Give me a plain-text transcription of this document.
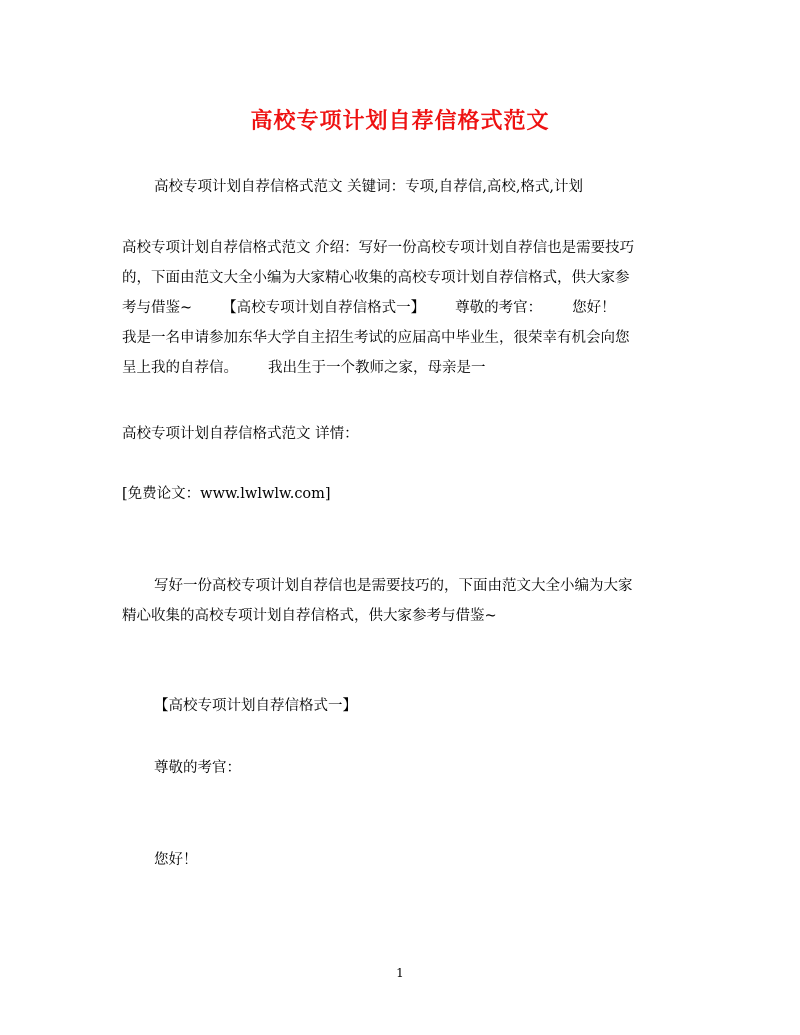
高校专项计划自荐信格式范文
高校专项计划自荐信格式范文 关键词：专项,自荐信,高校,格式,计划
高校专项计划自荐信格式范文 介绍：写好一份高校专项计划自荐信也是需要技巧
的，下面由范文大全小编为大家精心收集的高校专项计划自荐信格式，供大家参
考与借鉴~ 【高校专项计划自荐信格式一】 尊敬的考官： 您好！
我是一名申请参加东华大学自主招生考试的应届高中毕业生，很荣幸有机会向您
呈上我的自荐信。 我出生于一个教师之家，母亲是一
高校专项计划自荐信格式范文 详情：
[免费论文：www.lwlwlw.com]
写好一份高校专项计划自荐信也是需要技巧的，下面由范文大全小编为大家
精心收集的高校专项计划自荐信格式，供大家参考与借鉴~
【高校专项计划自荐信格式一】
尊敬的考官：
您好！
1
